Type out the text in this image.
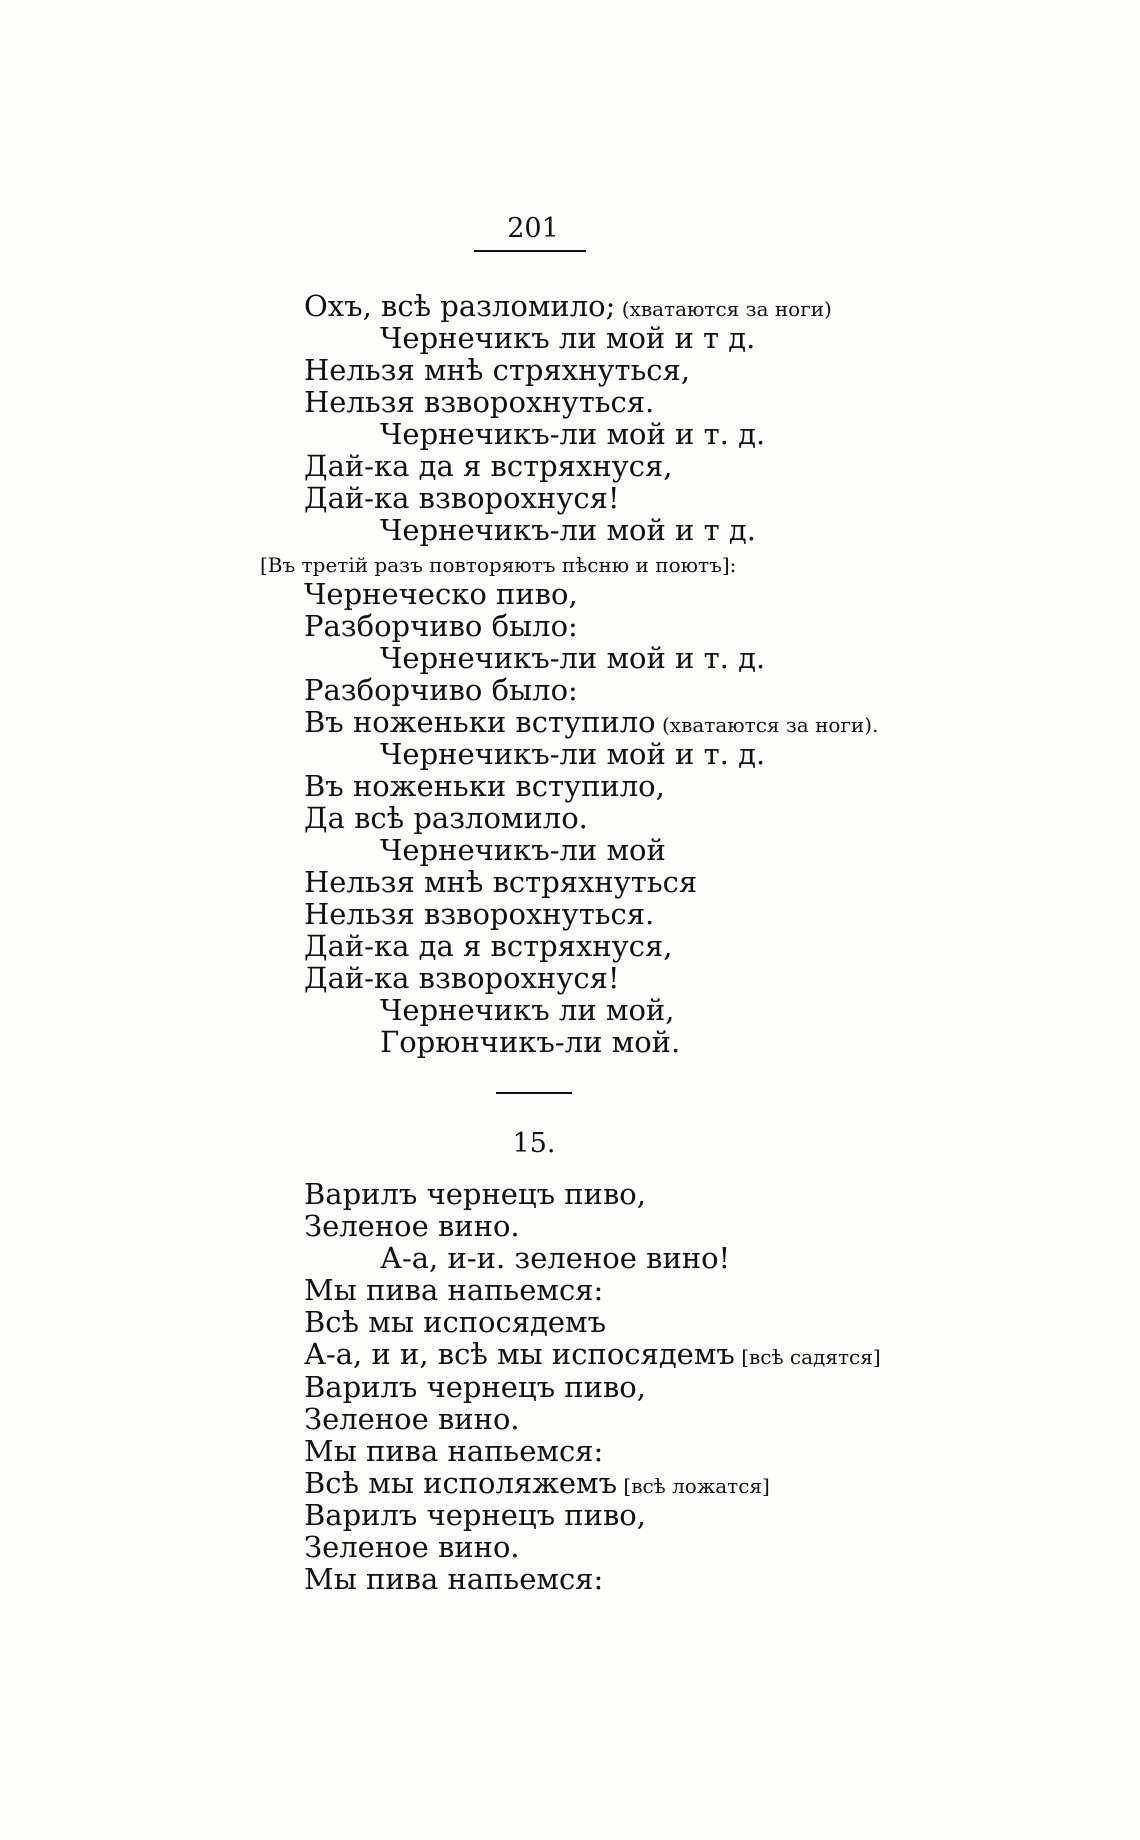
201
Охъ, всѣ разломило; (хватаются за ноги)
Чернечикъ ли мой и т д.
Нельзя мнѣ стряхнуться,
Нельзя взворохнуться.
Чернечикъ-ли мой и т. д.
Дай-ка да я встряхнуся,
Дай-ка взворохнуся!
Чернечикъ-ли мой и т д.
[Въ третій разъ повторяютъ пѣсню и поютъ]:
Чернеческо пиво,
Разборчиво было:
Чернечикъ-ли мой и т. д.
Разборчиво было:
Въ ноженьки вступило (хватаются за ноги).
Чернечикъ-ли мой и т. д.
Въ ноженьки вступило,
Да всѣ разломило.
Чернечикъ-ли мой
Нельзя мнѣ встряхнуться
Нельзя взворохнуться.
Дай-ка да я встряхнуся,
Дай-ка взворохнуся!
Чернечикъ ли мой,
Горюнчикъ-ли мой.
15.
Варилъ чернецъ пиво,
Зеленое вино.
А-а, и-и. зеленое вино!
Мы пива напьемся:
Всѣ мы испосядемъ
А-а, и и, всѣ мы испосядемъ [всѣ садятся]
Варилъ чернецъ пиво,
Зеленое вино.
Мы пива напьемся:
Всѣ мы исполяжемъ [всѣ ложатся]
Варилъ чернецъ пиво,
Зеленое вино.
Мы пива напьемся:
